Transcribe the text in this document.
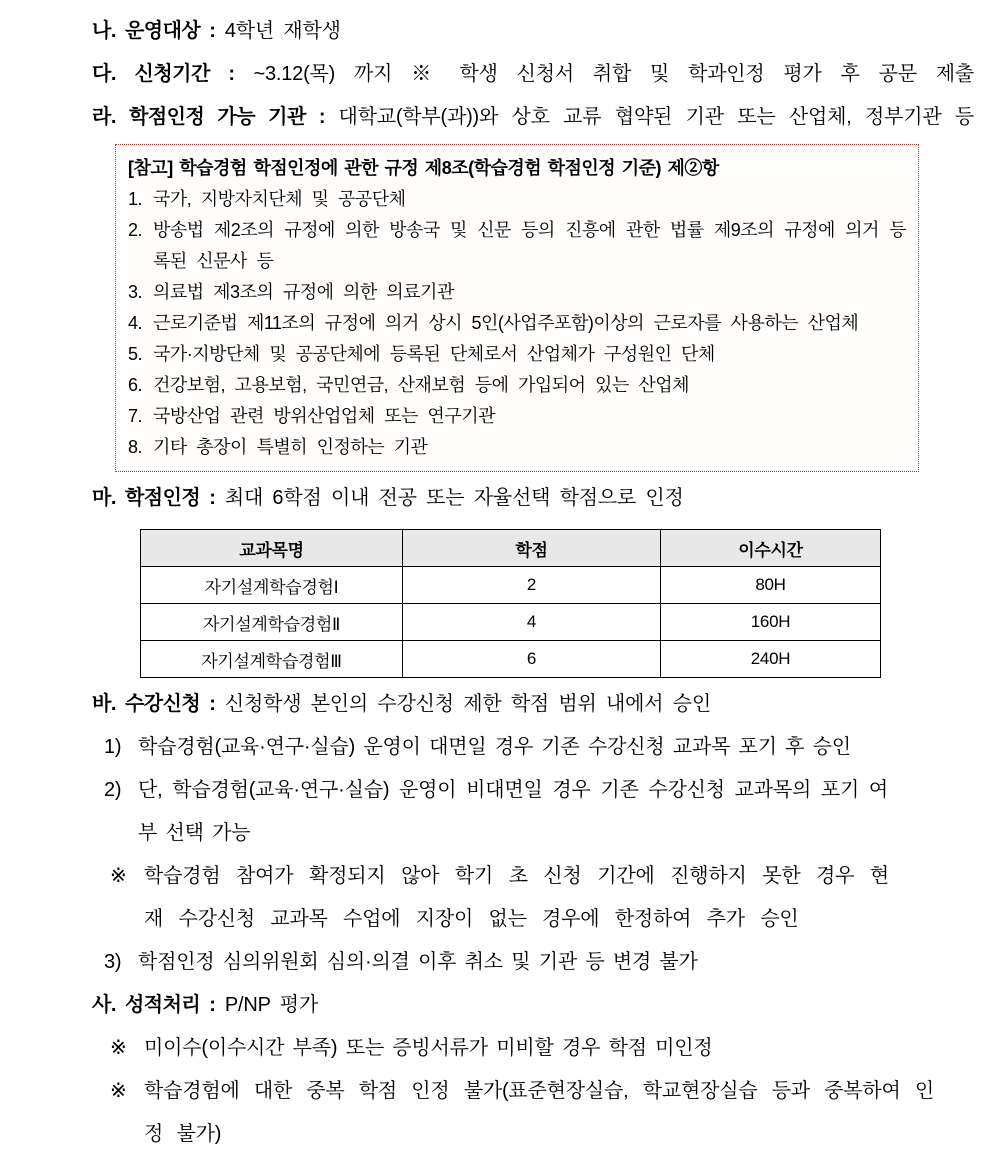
나. 운영대상 : 4학년 재학생

다. 신청기간 : ~3.12(목) 까지 ※ 학생 신청서 취합 및 학과인정 평가 후 공문 제출

라. 학점인정 가능 기관 : 대학교(학부(과))와 상호 교류 협약된 기관 또는 산업체, 정부기관 등

[참고] 학습경험 학점인정에 관한 규정 제8조(학습경험 학점인정 기준) 제②항

1. 국가, 지방자치단체 및 공공단체
2. 방송법 제2조의 규정에 의한 방송국 및 신문 등의 진흥에 관한 법률 제9조의 규정에 의거 등록된 신문사 등
3. 의료법 제3조의 규정에 의한 의료기관
4. 근로기준법 제11조의 규정에 의거 상시 5인(사업주포함)이상의 근로자를 사용하는 산업체
5. 국가·지방단체 및 공공단체에 등록된 단체로서 산업체가 구성원인 단체
6. 건강보험, 고용보험, 국민연금, 산재보험 등에 가입되어 있는 산업체
7. 국방산업 관련 방위산업업체 또는 연구기관
8. 기타 총장이 특별히 인정하는 기관

마. 학점인정 : 최대 6학점 이내 전공 또는 자율선택 학점으로 인정

교과목명	학점	이수시간
자기설계학습경험Ⅰ	2	80H
자기설계학습경험Ⅱ	4	160H
자기설계학습경험Ⅲ	6	240H

바. 수강신청 : 신청학생 본인의 수강신청 제한 학점 범위 내에서 승인

1) 학습경험(교육·연구·실습) 운영이 대면일 경우 기존 수강신청 교과목 포기 후 승인
2) 단, 학습경험(교육·연구·실습) 운영이 비대면일 경우 기존 수강신청 교과목의 포기 여부 선택 가능
※ 학습경험 참여가 확정되지 않아 학기 초 신청 기간에 진행하지 못한 경우 현재 수강신청 교과목 수업에 지장이 없는 경우에 한정하여 추가 승인
3) 학점인정 심의위원회 심의·의결 이후 취소 및 기관 등 변경 불가

사. 성적처리 : P/NP 평가

※ 미이수(이수시간 부족) 또는 증빙서류가 미비할 경우 학점 미인정
※ 학습경험에 대한 중복 학점 인정 불가(표준현장실습, 학교현장실습 등과 중복하여 인정 불가)
